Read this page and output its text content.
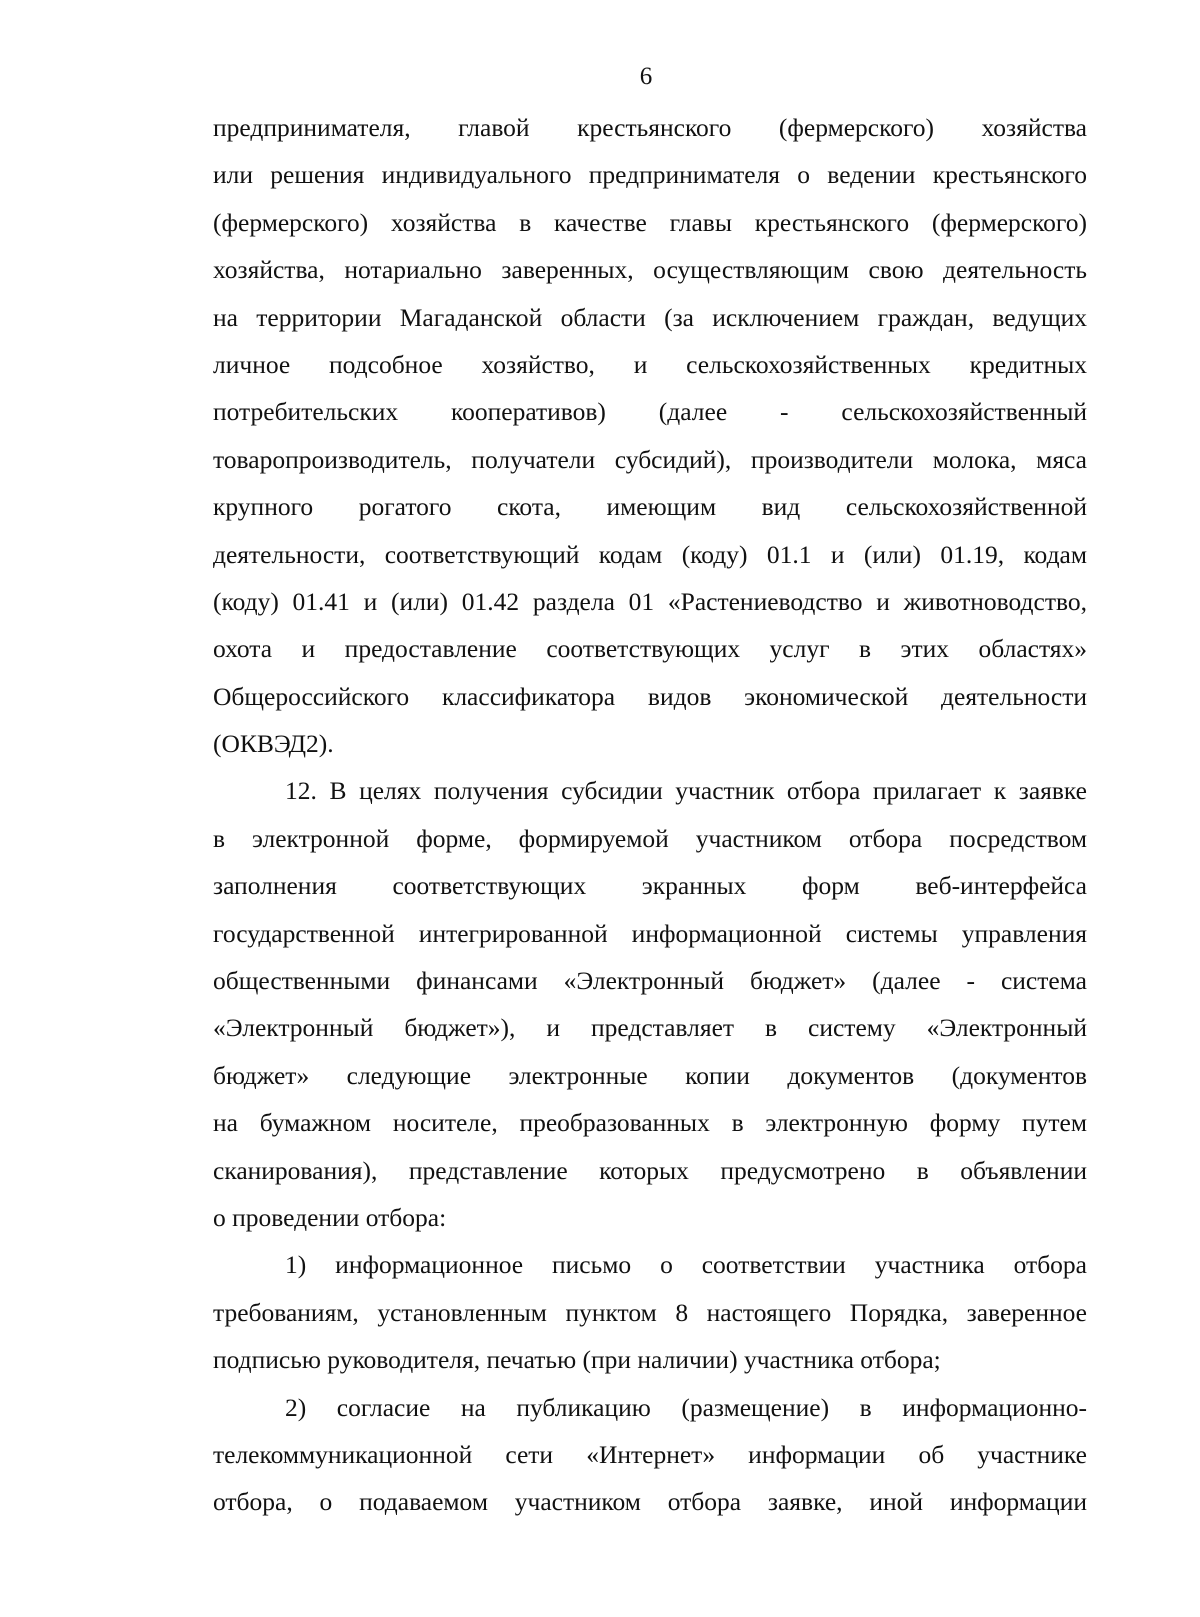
6
предпринимателя, главой крестьянского (фермерского) хозяйства
или решения индивидуального предпринимателя о ведении крестьянского
(фермерского) хозяйства в качестве главы крестьянского (фермерского)
хозяйства, нотариально заверенных, осуществляющим свою деятельность
на территории Магаданской области (за исключением граждан, ведущих
личное подсобное хозяйство, и сельскохозяйственных кредитных
потребительских кооперативов) (далее - сельскохозяйственный
товаропроизводитель, получатели субсидий), производители молока, мяса
крупного рогатого скота, имеющим вид сельскохозяйственной
деятельности, соответствующий кодам (коду) 01.1 и (или) 01.19, кодам
(коду) 01.41 и (или) 01.42 раздела 01 «Растениеводство и животноводство,
охота и предоставление соответствующих услуг в этих областях»
Общероссийского классификатора видов экономической деятельности
(ОКВЭД2).
12. В целях получения субсидии участник отбора прилагает к заявке
в электронной форме, формируемой участником отбора посредством
заполнения соответствующих экранных форм веб-интерфейса
государственной интегрированной информационной системы управления
общественными финансами «Электронный бюджет» (далее - система
«Электронный бюджет»), и представляет в систему «Электронный
бюджет» следующие электронные копии документов (документов
на бумажном носителе, преобразованных в электронную форму путем
сканирования), представление которых предусмотрено в объявлении
о проведении отбора:
1) информационное письмо о соответствии участника отбора
требованиям, установленным пунктом 8 настоящего Порядка, заверенное
подписью руководителя, печатью (при наличии) участника отбора;
2) согласие на публикацию (размещение) в информационно-
телекоммуникационной сети «Интернет» информации об участнике
отбора, о подаваемом участником отбора заявке, иной информации
